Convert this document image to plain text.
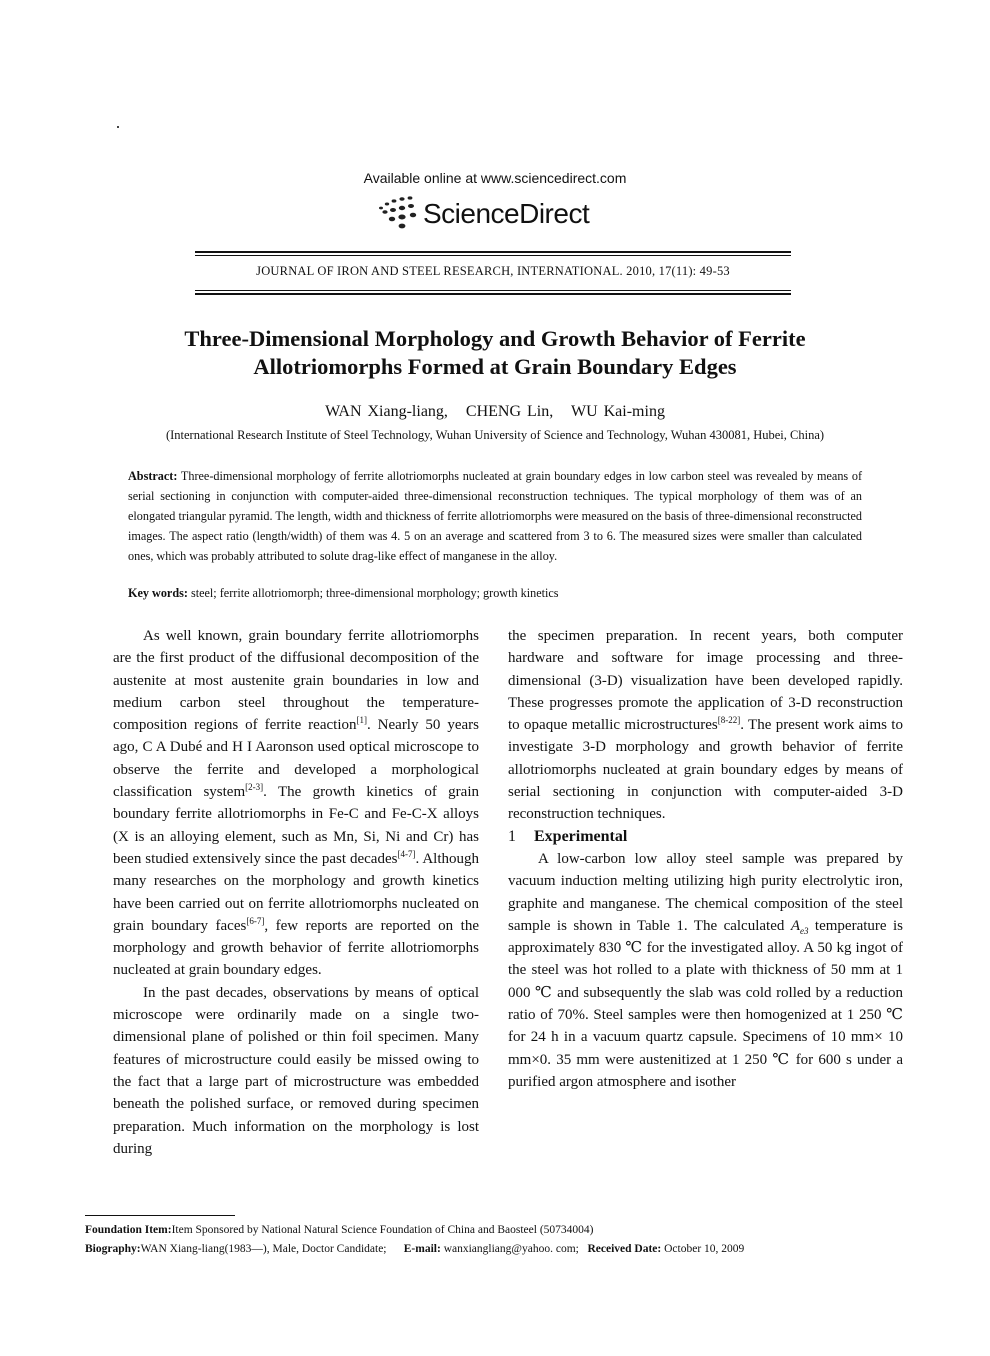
Available online at www.sciencedirect.com
ScienceDirect
JOURNAL OF IRON AND STEEL RESEARCH, INTERNATIONAL. 2010, 17(11): 49-53
Three-Dimensional Morphology and Growth Behavior of Ferrite
Allotriomorphs Formed at Grain Boundary Edges
WAN Xiang-liang,   CHENG Lin,   WU Kai-ming
(International Research Institute of Steel Technology, Wuhan University of Science and Technology, Wuhan 430081, Hubei, China)
Abstract: Three-dimensional morphology of ferrite allotriomorphs nucleated at grain boundary edges in low carbon steel was revealed by means of serial sectioning in conjunction with computer-aided three-dimensional reconstruction techniques. The typical morphology of them was of an elongated triangular pyramid. The length, width and thickness of ferrite allotriomorphs were measured on the basis of three-dimensional reconstructed images. The aspect ratio (length/width) of them was 4. 5 on an average and scattered from 3 to 6. The measured sizes were smaller than calculated ones, which was probably attributed to solute drag-like effect of manganese in the alloy.
Key words: steel; ferrite allotriomorph; three-dimensional morphology; growth kinetics

As well known, grain boundary ferrite allotriomorphs are the first product of the diffusional decomposition of the austenite at most austenite grain boundaries in low and medium carbon steel throughout the temperature-composition regions of ferrite reaction[1]. Nearly 50 years ago, C A Dubé and H I Aaronson used optical microscope to observe the ferrite and developed a morphological classification system[2-3]. The growth kinetics of grain boundary ferrite allotriomorphs in Fe-C and Fe-C-X alloys (X is an alloying element, such as Mn, Si, Ni and Cr) has been studied extensively since the past decades[4-7]. Although many researches on the morphology and growth kinetics have been carried out on ferrite allotriomorphs nucleated on grain boundary faces[6-7], few reports are reported on the morphology and growth behavior of ferrite allotriomorphs nucleated at grain boundary edges.

In the past decades, observations by means of optical microscope were ordinarily made on a single two-dimensional plane of polished or thin foil specimen. Many features of microstructure could easily be missed owing to the fact that a large part of microstructure was embedded beneath the polished surface, or removed during specimen preparation. Much information on the morphology is lost during

the specimen preparation. In recent years, both computer hardware and software for image processing and three-dimensional (3-D) visualization have been developed rapidly. These progresses promote the application of 3-D reconstruction to opaque metallic microstructures[8-22]. The present work aims to investigate 3-D morphology and growth behavior of ferrite allotriomorphs nucleated at grain boundary edges by means of serial sectioning in conjunction with computer-aided 3-D reconstruction techniques.

1 Experimental

A low-carbon low alloy steel sample was prepared by vacuum induction melting utilizing high purity electrolytic iron, graphite and manganese. The chemical composition of the steel sample is shown in Table 1. The calculated $A_{e3}$ temperature is approximately 830 ℃ for the investigated alloy. A 50 kg ingot of the steel was hot rolled to a plate with thickness of 50 mm at 1 000 ℃ and subsequently the slab was cold rolled by a reduction ratio of 70%. Steel samples were then homogenized at 1 250 ℃ for 24 h in a vacuum quartz capsule. Specimens of 10 mm× 10 mm×0. 35 mm were austenitized at 1 250 ℃ for 600 s under a purified argon atmosphere and isother

Foundation Item:Item Sponsored by National Natural Science Foundation of China and Baosteel (50734004)
Biography:WAN Xiang-liang(1983—), Male, Doctor Candidate; E-mail: wanxiangliang@yahoo. com; Received Date: October 10, 2009
